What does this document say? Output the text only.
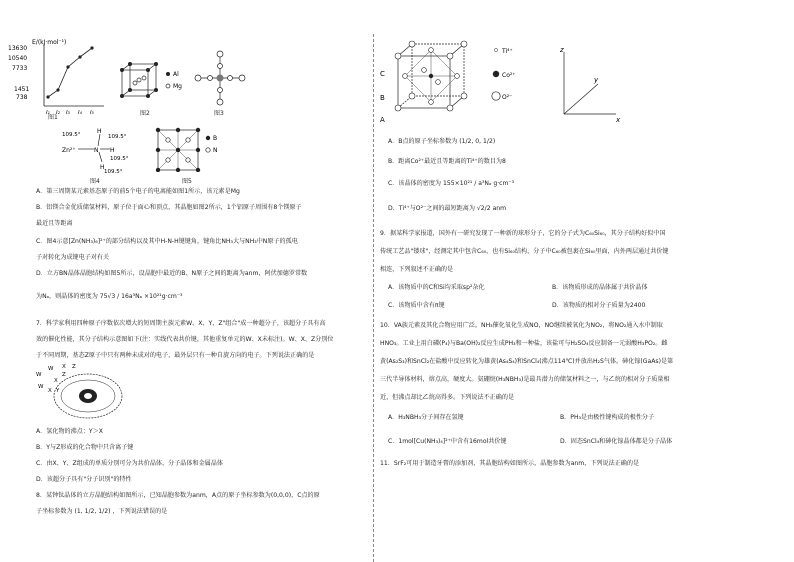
E/(kJ·mol⁻¹)
13630
10540
7733
1451
738
I₁ I₂ I₃ I₄ I₅
图1
Al
Mg
图2	图3
Zn²⁺	N
H
H
H
109.5°	109.5°
109.5°
109.5°
图4
B
N
图5
A．第三周期某元素基态原子的前5个电子的电离能如图1所示，该元素是Mg
B．铝镁合金优质储氢材料，原子位于面心和顶点，其晶胞如图2所示，1个铝原子周围有8个镁原子
最近且等距离
C．图4示意[Zn(NH₃)₆]²⁺的部分结构以及其中H-N-H键键角，键角比NH₃大与NH₃中N原子的孤电
子对转化为成键电子对有关
D．立方BN晶体晶胞结构如图5所示，设晶胞中最近的B、N原子之间的距离为anm，阿伏加德罗常数
为Nₐ，则晶体的密度为 75√3 / 16a³Nₐ ×10²¹g·cm⁻³
7．科学家利用四种原子序数依次增大的短周期主族元素W、X、Y、Z"组合"成一种超分子，该超分子具有高
效的催化性能，其分子结构示意图如下(注：实线代表共价键，其他重复单元的W、X未标注)。W、X、Z分别位
于不同周期，基态Z原子中只有两种未成对的电子，最外层只有一种自旋方向的电子。下列说法正确的是
W
W
W
X
X
X Y
Z
Z
A．氢化物的沸点：Y＞X
B．Y与Z形成的化合物中只含离子键
C．由X、Y、Z组成的单质分别可分为共价晶体、分子晶体和金属晶体
D．该超分子具有"分子识别"的特性
8．某钟钛晶体的立方晶胞结构如图所示，已知晶胞参数为anm，A点的原子坐标参数为(0,0,0)，C点的原
子坐标参数为 (1, 1/2, 1/2) ，下列说法错误的是
C
B
A
Ti⁴⁺
Co²⁺
O²⁻
z
y
x
A．B点的原子坐标参数为 (1/2, 0, 1/2)
B．距离Co²⁺最近且等距离的Ti⁴⁺的数目为8
C．该晶体的密度为 155×10²¹ / a³Nₐ g·cm⁻³
D．Ti⁴⁺与O²⁻之间的最短距离为 √2/2 anm
9．据某科学家报道，国外有一研究发现了一种新的球形分子，它的分子式为C₆₀Si₆₀，其分子结构好似中国
传统工艺品"镂球"，经测定其中包含C₆₀，也有Si₆₀结构，分子中C₆₀被包裹在Si₆₀里面，内外两层通过共价键
相连，下列叙述不正确的是
A．该物质中的C和Si均采取sp²杂化	B．该物质形成的晶体属于共价晶体
C．该物质中含有π键	D．该物质的相对分子质量为2400
10．VA族元素及其化合物应用广泛。NH₃催化氧化生成NO，NO继续被氧化为NO₂，将NO₂通入水中制取
HNO₃。工业上用白磷(P₄)与Ba(OH)₂反应生成PH₃和一种盐，该盐可与H₂SO₄反应制备一元弱酸H₃PO₂。雌
黄(As₂S₃)和SnCl₂在盐酸中反应转化为雄黄(As₄S₄)和SnCl₄(沸点114℃)并放出H₂S气体。砷化镓(GaAs)是第
三代半导体材料，熔点高，硬度大。氨硼烷(H₃NBH₃)是最具潜力的储氢材料之一，与乙烷的相对分子质量相
近，但沸点却比乙烷高得多。下列说法不正确的是
A．H₃NBH₃分子间存在氢键	B．PH₃是由极性键构成的极性分子
C．1mol[Cu(NH₃)₄]²⁺中含有16mol共价键	D．固态SnCl₄和砷化镓晶体都是分子晶体
11．SrF₂可用于制造牙膏的添加剂，其晶胞结构如图所示，晶胞参数为anm，下列说法正确的是
